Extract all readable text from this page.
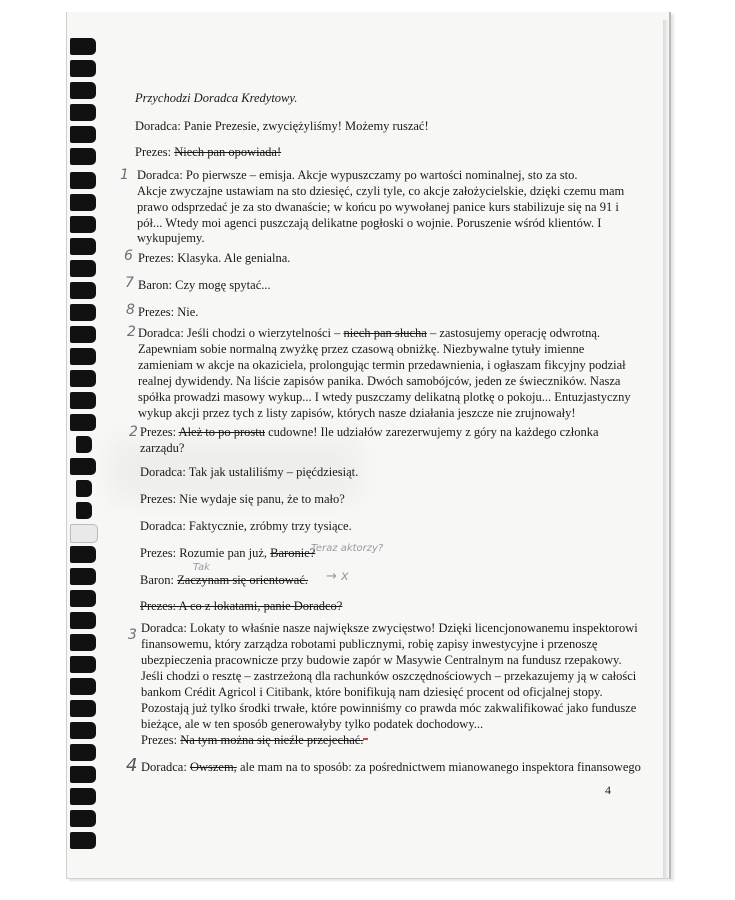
Przychodzi Doradca Kredytowy.
Doradca: Panie Prezesie, zwyciężyliśmy! Możemy ruszać!
Prezes: Niech pan opowiada!
Doradca: Po pierwsze – emisja. Akcje wypuszczamy po wartości nominalnej, sto za sto.
Akcje zwyczajne ustawiam na sto dziesięć, czyli tyle, co akcje założycielskie, dzięki czemu mam
prawo odsprzedać je za sto dwanaście; w końcu po wywołanej panice kurs stabilizuje się na 91 i
pół... Wtedy moi agenci puszczają delikatne pogłoski o wojnie. Poruszenie wśród klientów. I
wykupujemy.
Prezes: Klasyka. Ale genialna.
Baron: Czy mogę spytać...
Prezes: Nie.
Doradca: Jeśli chodzi o wierzytelności – niech pan słucha – zastosujemy operację odwrotną.
Zapewniam sobie normalną zwyżkę przez czasową obniżkę. Niezbywalne tytuły imienne
zamieniam w akcje na okaziciela, prolongując termin przedawnienia, i ogłaszam fikcyjny podział
realnej dywidendy. Na liście zapisów panika. Dwóch samobójców, jeden ze świeczników. Nasza
spółka prowadzi masowy wykup... I wtedy puszczamy delikatną plotkę o pokoju... Entuzjastyczny
wykup akcji przez tych z listy zapisów, których nasze działania jeszcze nie zrujnowały!
Prezes: Ależ to po prostu cudowne! Ile udziałów zarezerwujemy z góry na każdego członka
zarządu?
Doradca: Tak jak ustaliliśmy – pięćdziesiąt.
Prezes: Nie wydaje się panu, że to mało?
Doradca: Faktycznie, zróbmy trzy tysiące.
Prezes: Rozumie pan już, Baronie?
Baron: Zaczynam się orientować.
Prezes: A co z lokatami, panie Doradco?
Doradca: Lokaty to właśnie nasze największe zwycięstwo! Dzięki licencjonowanemu inspektorowi
finansowemu, który zarządza robotami publicznymi, robię zapisy inwestycyjne i przenoszę
ubezpieczenia pracownicze przy budowie zapór w Masywie Centralnym na fundusz rzepakowy.
Jeśli chodzi o resztę – zastrzeżoną dla rachunków oszczędnościowych – przekazujemy ją w całości
bankom Crédit Agricol i Citibank, które bonifikują nam dziesięć procent od oficjalnej stopy.
Pozostają już tylko środki trwałe, które powinniśmy co prawda móc zakwalifikować jako fundusze
bieżące, ale w ten sposób generowałyby tylko podatek dochodowy...
Prezes: Na tym można się nieźle przejechać.
Doradca: Owszem, ale mam na to sposób: za pośrednictwem mianowanego inspektora finansowego
4
1
6
7
8
2
2
3
4
Teraz aktorzy?
Tak
→ x
